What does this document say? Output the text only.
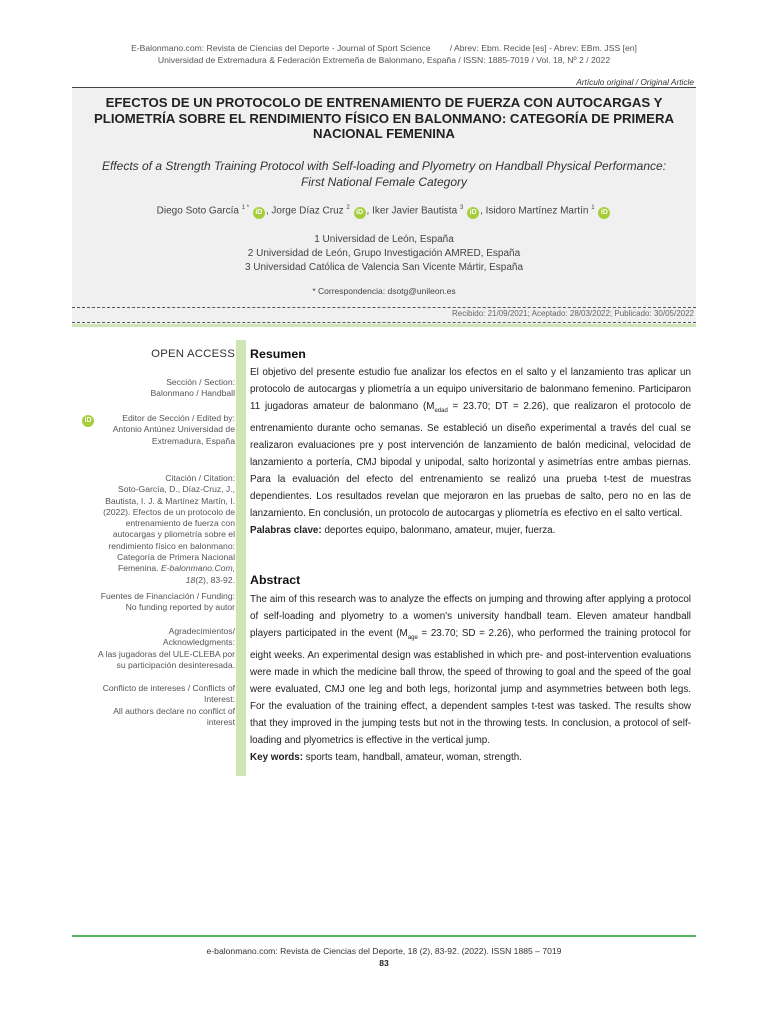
E-Balonmano.com: Revista de Ciencias del Deporte - Journal of Sport Science / Abrev: Ebm. Recide [es] - Abrev: EBm. JSS [en]
Universidad de Extremadura & Federación Extremeña de Balonmano, España / ISSN: 1885-7019 / Vol. 18, Nº 2 / 2022
Artículo original / Original Article
EFECTOS DE UN PROTOCOLO DE ENTRENAMIENTO DE FUERZA CON AUTOCARGAS Y PLIOMETRÍA SOBRE EL RENDIMIENTO FÍSICO EN BALONMANO: CATEGORÍA DE PRIMERA NACIONAL FEMENINA
Effects of a Strength Training Protocol with Self-loading and Plyometry on Handball Physical Performance: First National Female Category
Diego Soto García $^{1 *}$ iD , Jorge Díaz Cruz $^2$ iD , Iker Javier Bautista $^3$ iD , Isidoro Martínez Martín $^1$ iD
1 Universidad de León, España
2 Universidad de León, Grupo Investigación AMRED, España
3 Universidad Católica de Valencia San Vicente Mártir, España
* Correspondencia: dsotg@unileon.es
Recibido: 21/09/2021; Aceptado: 28/03/2022; Publicado: 30/05/2022
OPEN ACCESS
Sección / Section:
Balonmano / Handball
iD	Editor de Sección / Edited by:
Antonio Antúnez Universidad de
Extremadura, España
Citación / Citation:
Soto-García, D., Díaz-Cruz, J.,
Bautista, I. J. & Martínez Martín, I.
(2022). Efectos de un protocolo de
entrenamiento de fuerza con
autocargas y pliometría sobre el
rendimiento físico en balonmano:
Categoría de Primera Nacional
Femenina. E-balonmano.Com,
18(2), 83-92.
Fuentes de Financiación / Funding:
No funding reported by autor
Agradecimientos/
Acknowledgments:
A las jugadoras del ULE-CLEBA por
su participación desinteresada.
Conflicto de intereses / Conflicts of
Interest:
All authors declare no conflict of
interest
Resumen
El objetivo del presente estudio fue analizar los efectos en el salto y el lanzamiento tras aplicar un protocolo de autocargas y pliometría a un equipo universitario de balonmano femenino. Participaron 11 jugadoras amateur de balonmano ($M_{edad} = 23.70$; DT = 2.26), que realizaron el protocolo de entrenamiento durante ocho semanas. Se estableció un diseño experimental a través del cual se realizaron evaluaciones pre y post intervención de lanzamiento de balón medicinal, velocidad de lanzamiento a portería, CMJ bipodal y unipodal, salto horizontal y asimetrías entre ambas piernas. Para la evaluación del efecto del entrenamiento se realizó una prueba t-test de muestras dependientes. Los resultados revelan que mejoraron en las pruebas de salto, pero no en las de lanzamiento. En conclusión, un protocolo de autocargas y pliometría es efectivo en el salto vertical.
Palabras clave: deportes equipo, balonmano, amateur, mujer, fuerza.
Abstract
The aim of this research was to analyze the effects on jumping and throwing after applying a protocol of self-loading and plyometry to a women's university handball team. Eleven amateur handball players participated in the event ($M_{age} = 23.70$; SD = 2.26), who performed the training protocol for eight weeks. An experimental design was established in which pre- and post-intervention evaluations were made in which the medicine ball throw, the speed of throwing to goal and the speed of the goal were evaluated, CMJ one leg and both legs, horizontal jump and asymmetries between both legs. For the evaluation of the training effect, a dependent samples t-test was tasked. The results show that they improved in the jumping tests but not in the throwing tests. In conclusion, a protocol of self-loading and plyometrics is effective in the vertical jump.
Key words: sports team, handball, amateur, woman, strength.
e-balonmano.com: Revista de Ciencias del Deporte, 18 (2), 83-92. (2022). ISSN 1885 – 7019
83
